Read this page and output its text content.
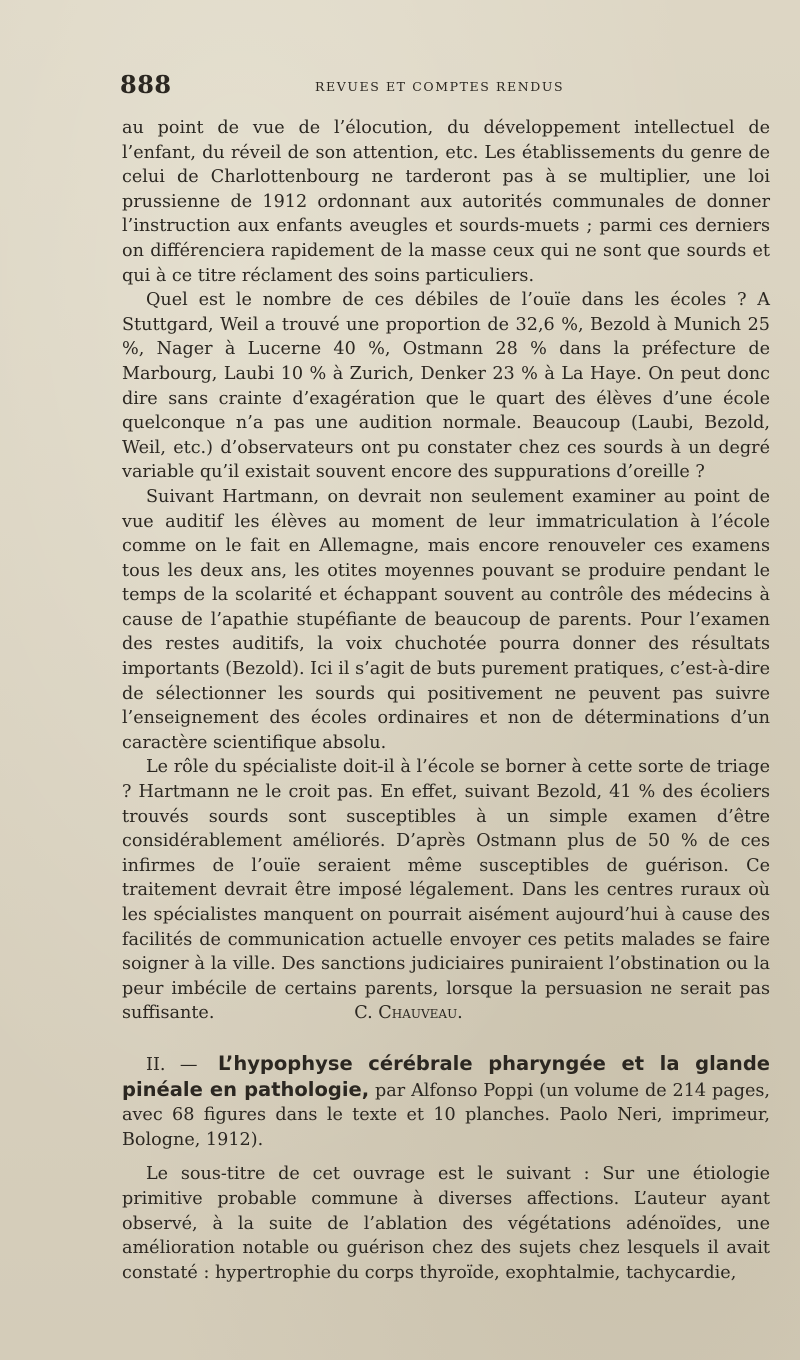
888	REVUES ET COMPTES RENDUS

au point de vue de l’élocution, du développement intellectuel de l’enfant, du réveil de son attention, etc. Les établissements du genre de celui de Charlottenbourg ne tarderont pas à se multiplier, une loi prussienne de 1912 ordonnant aux autorités communales de donner l’instruction aux enfants aveugles et sourds-muets ; parmi ces derniers on différenciera rapidement de la masse ceux qui ne sont que sourds et qui à ce titre réclament des soins particuliers.

Quel est le nombre de ces débiles de l’ouïe dans les écoles ? A Stuttgard, Weil a trouvé une proportion de 32,6 %, Bezold à Munich 25 %, Nager à Lucerne 40 %, Ostmann 28 % dans la préfecture de Marbourg, Laubi 10 % à Zurich, Denker 23 % à La Haye. On peut donc dire sans crainte d’exagération que le quart des élèves d’une école quelconque n’a pas une audition normale. Beaucoup (Laubi, Bezold, Weil, etc.) d’observateurs ont pu constater chez ces sourds à un degré variable qu’il existait souvent encore des suppurations d’oreille ?

Suivant Hartmann, on devrait non seulement examiner au point de vue auditif les élèves au moment de leur immatriculation à l’école comme on le fait en Allemagne, mais encore renouveler ces examens tous les deux ans, les otites moyennes pouvant se produire pendant le temps de la scolarité et échappant souvent au contrôle des médecins à cause de l’apathie stupéfiante de beaucoup de parents. Pour l’examen des restes auditifs, la voix chuchotée pourra donner des résultats importants (Bezold). Ici il s’agit de buts purement pratiques, c’est-à-dire de sélectionner les sourds qui positivement ne peuvent pas suivre l’enseignement des écoles ordinaires et non de déterminations d’un caractère scientifique absolu.

Le rôle du spécialiste doit-il à l’école se borner à cette sorte de triage ? Hartmann ne le croit pas. En effet, suivant Bezold, 41 % des écoliers trouvés sourds sont susceptibles à un simple examen d’être considérablement améliorés. D’après Ostmann plus de 50 % de ces infirmes de l’ouïe seraient même susceptibles de guérison. Ce traitement devrait être imposé légalement. Dans les centres ruraux où les spécialistes manquent on pourrait aisément aujourd’hui à cause des facilités de communication actuelle envoyer ces petits malades se faire soigner à la ville. Des sanctions judiciaires puniraient l’obstination ou la peur imbécile de certains parents, lorsque la persuasion ne serait pas suffisante.	C. Chauveau.

II. — L’hypophyse cérébrale pharyngée et la glande pinéale en pathologie, par Alfonso Poppi (un volume de 214 pages, avec 68 figures dans le texte et 10 planches. Paolo Neri, imprimeur, Bologne, 1912).

Le sous-titre de cet ouvrage est le suivant : Sur une étiologie primitive probable commune à diverses affections. L’auteur ayant observé, à la suite de l’ablation des végétations adénoïdes, une amélioration notable ou guérison chez des sujets chez lesquels il avait constaté : hypertrophie du corps thyroïde, exophtalmie, tachycardie,
